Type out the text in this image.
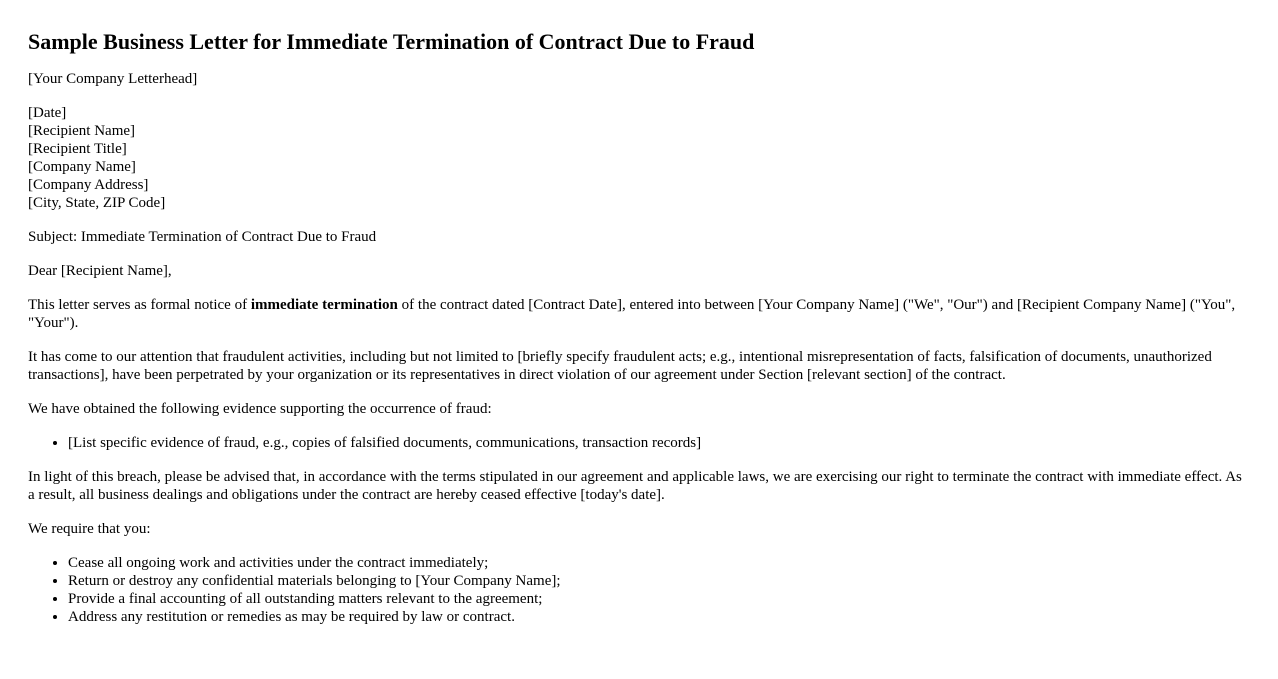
Sample Business Letter for Immediate Termination of Contract Due to Fraud

[Your Company Letterhead]

[Date]
[Recipient Name]
[Recipient Title]
[Company Name]
[Company Address]
[City, State, ZIP Code]

Subject: Immediate Termination of Contract Due to Fraud

Dear [Recipient Name],

This letter serves as formal notice of immediate termination of the contract dated [Contract Date], entered into between [Your Company Name] ("We", "Our") and [Recipient Company Name] ("You", "Your").

It has come to our attention that fraudulent activities, including but not limited to [briefly specify fraudulent acts; e.g., intentional misrepresentation of facts, falsification of documents, unauthorized transactions], have been perpetrated by your organization or its representatives in direct violation of our agreement under Section [relevant section] of the contract.

We have obtained the following evidence supporting the occurrence of fraud:

• [List specific evidence of fraud, e.g., copies of falsified documents, communications, transaction records]

In light of this breach, please be advised that, in accordance with the terms stipulated in our agreement and applicable laws, we are exercising our right to terminate the contract with immediate effect. As a result, all business dealings and obligations under the contract are hereby ceased effective [today's date].

We require that you:

• Cease all ongoing work and activities under the contract immediately;
• Return or destroy any confidential materials belonging to [Your Company Name];
• Provide a final accounting of all outstanding matters relevant to the agreement;
• Address any restitution or remedies as may be required by law or contract.
